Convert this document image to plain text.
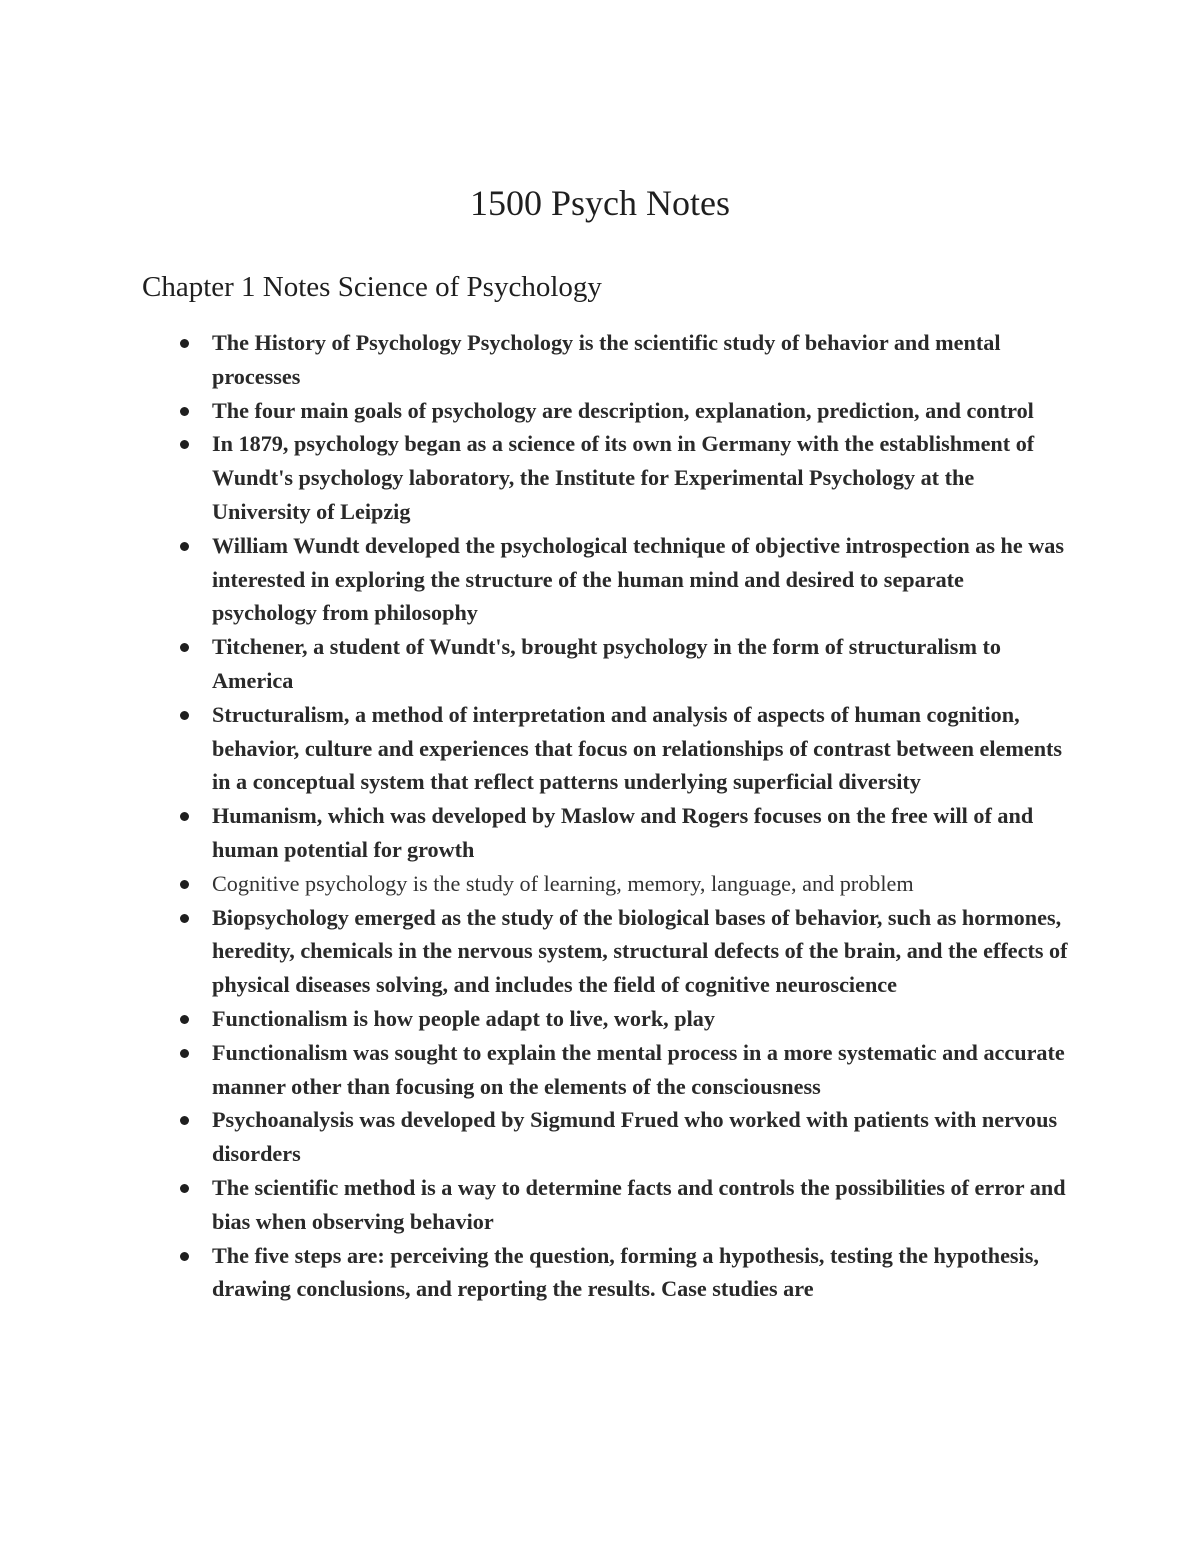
1500 Psych Notes
Chapter 1 Notes Science of Psychology
The History of Psychology Psychology is the scientific study of behavior and mental processes
The four main goals of psychology are description, explanation, prediction, and control
In 1879, psychology began as a science of its own in Germany with the establishment of Wundt's psychology laboratory, the Institute for Experimental Psychology at the University of Leipzig
William Wundt developed the psychological technique of objective introspection as he was interested in exploring the structure of the human mind and desired to separate psychology from philosophy
Titchener, a student of Wundt's, brought psychology in the form of structuralism to America
Structuralism, a method of interpretation and analysis of aspects of human cognition, behavior, culture and experiences that focus on relationships of contrast between elements in a conceptual system that reflect patterns underlying superficial diversity
Humanism, which was developed by Maslow and Rogers focuses on the free will of and human potential for growth
Cognitive psychology is the study of learning, memory, language, and problem
Biopsychology emerged as the study of the biological bases of behavior, such as hormones, heredity, chemicals in the nervous system, structural defects of the brain, and the effects of physical diseases solving, and includes the field of cognitive neuroscience
Functionalism is how people adapt to live, work, play
Functionalism was sought to explain the mental process in a more systematic and accurate manner other than focusing on the elements of the consciousness
Psychoanalysis was developed by Sigmund Frued who worked with patients with nervous disorders
The scientific method is a way to determine facts and controls the possibilities of error and bias when observing behavior
The five steps are: perceiving the question, forming a hypothesis, testing the hypothesis, drawing conclusions, and reporting the results. Case studies are
